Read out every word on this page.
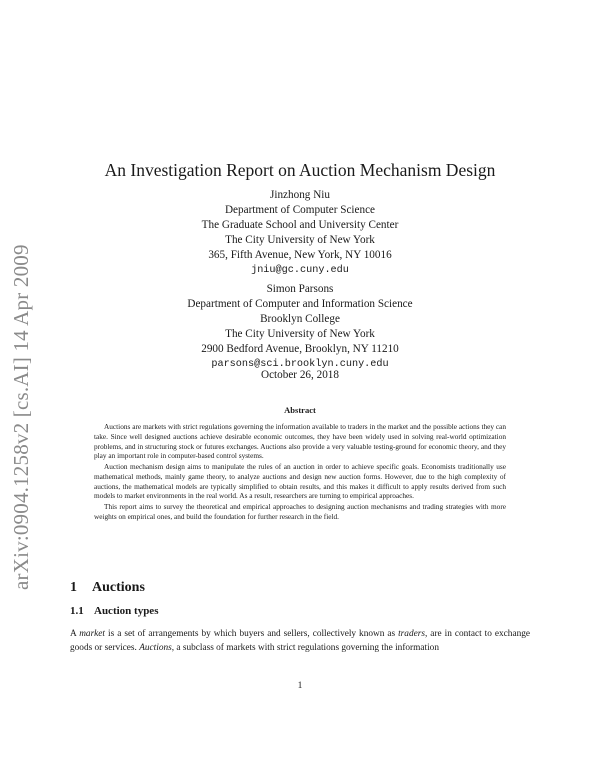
arXiv:0904.1258v2 [cs.AI] 14 Apr 2009
An Investigation Report on Auction Mechanism Design
Jinzhong Niu
Department of Computer Science
The Graduate School and University Center
The City University of New York
365, Fifth Avenue, New York, NY 10016
jniu@gc.cuny.edu
Simon Parsons
Department of Computer and Information Science
Brooklyn College
The City University of New York
2900 Bedford Avenue, Brooklyn, NY 11210
parsons@sci.brooklyn.cuny.edu
October 26, 2018
Abstract

Auctions are markets with strict regulations governing the information available to traders in the market and the possible actions they can take. Since well designed auctions achieve desirable economic outcomes, they have been widely used in solving real-world optimization problems, and in structuring stock or futures exchanges. Auctions also provide a very valuable testing-ground for economic theory, and they play an important role in computer-based control systems.

Auction mechanism design aims to manipulate the rules of an auction in order to achieve specific goals. Economists traditionally use mathematical methods, mainly game theory, to analyze auctions and design new auction forms. However, due to the high complexity of auctions, the mathematical models are typically simplified to obtain results, and this makes it difficult to apply results derived from such models to market environments in the real world. As a result, researchers are turning to empirical approaches.

This report aims to survey the theoretical and empirical approaches to designing auction mechanisms and trading strategies with more weights on empirical ones, and build the foundation for further research in the field.

1 Auctions
1.1 Auction types

A market is a set of arrangements by which buyers and sellers, collectively known as traders, are in contact to exchange goods or services. Auctions, a subclass of markets with strict regulations governing the information

1
